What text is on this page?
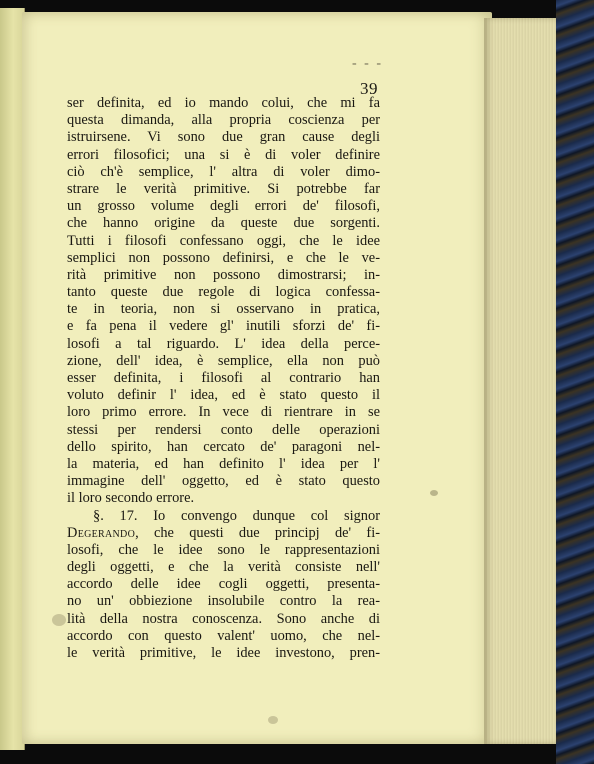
- - -
39
ser definita, ed io mando colui, che mi fa
questa dimanda, alla propria coscienza per
istruirsene. Vi sono due gran cause degli
errori filosofici; una si è di voler definire
ciò ch'è semplice, l' altra di voler dimo-
strare le verità primitive. Si potrebbe far
un grosso volume degli errori de' filosofi,
che hanno origine da queste due sorgenti.
Tutti i filosofi confessano oggi, che le idee
semplici non possono definirsi, e che le ve-
rità primitive non possono dimostrarsi; in-
tanto queste due regole di logica confessa-
te in teoria, non si osservano in pratica,
e fa pena il vedere gl' inutili sforzi de' fi-
losofi a tal riguardo. L' idea della perce-
zione, dell' idea, è semplice, ella non può
esser definita, i filosofi al contrario han
voluto definir l' idea, ed è stato questo il
loro primo errore. In vece di rientrare in se
stessi per rendersi conto delle operazioni
dello spirito, han cercato de' paragoni nel-
la materia, ed han definito l' idea per l'
immagine dell' oggetto, ed è stato questo
il loro secondo errore.
§. 17. Io convengo dunque col signor
Degerando, che questi due principj de' fi-
losofi, che le idee sono le rappresentazioni
degli oggetti, e che la verità consiste nell'
accordo delle idee cogli oggetti, presenta-
no un' obbiezione insolubile contro la rea-
lità della nostra conoscenza. Sono anche di
accordo con questo valent' uomo, che nel-
le verità primitive, le idee investono, pren-
